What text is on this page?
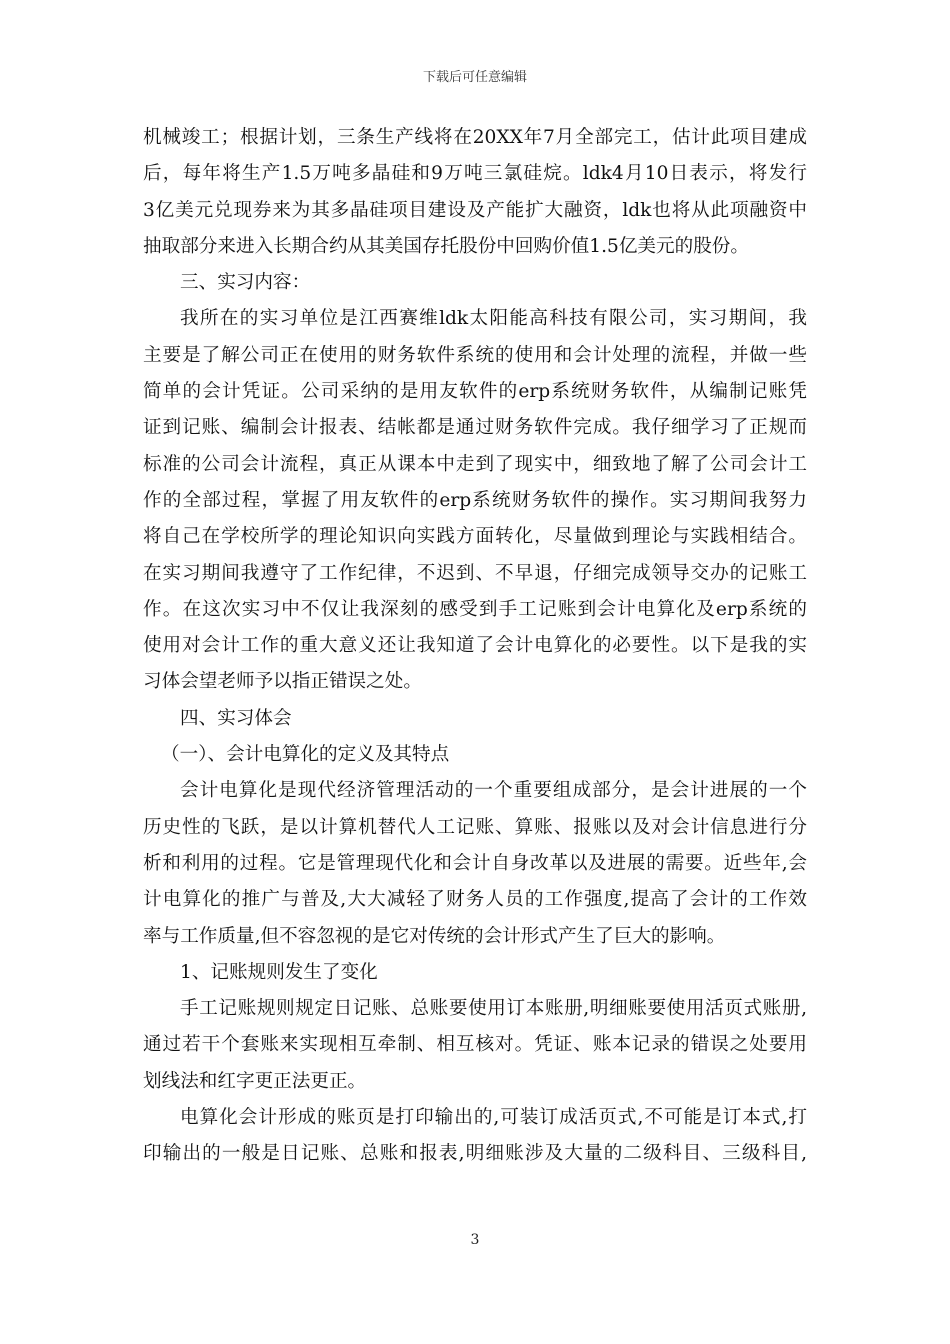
下载后可任意编辑
机械竣工；根据计划，三条生产线将在20XX年7月全部完工，估计此项目建成
后，每年将生产1.5万吨多晶硅和9万吨三氯硅烷。ldk4月10日表示，将发行
3亿美元兑现券来为其多晶硅项目建设及产能扩大融资，ldk也将从此项融资中
抽取部分来进入长期合约从其美国存托股份中回购价值1.5亿美元的股份。
三、实习内容：
我所在的实习单位是江西赛维ldk太阳能高科技有限公司，实习期间，我
主要是了解公司正在使用的财务软件系统的使用和会计处理的流程，并做一些
简单的会计凭证。公司采纳的是用友软件的erp系统财务软件，从编制记账凭
证到记账、编制会计报表、结帐都是通过财务软件完成。我仔细学习了正规而
标准的公司会计流程，真正从课本中走到了现实中，细致地了解了公司会计工
作的全部过程，掌握了用友软件的erp系统财务软件的操作。实习期间我努力
将自己在学校所学的理论知识向实践方面转化，尽量做到理论与实践相结合。
在实习期间我遵守了工作纪律，不迟到、不早退，仔细完成领导交办的记账工
作。在这次实习中不仅让我深刻的感受到手工记账到会计电算化及erp系统的
使用对会计工作的重大意义还让我知道了会计电算化的必要性。以下是我的实
习体会望老师予以指正错误之处。
四、实习体会
（一）、会计电算化的定义及其特点
会计电算化是现代经济管理活动的一个重要组成部分，是会计进展的一个
历史性的飞跃，是以计算机替代人工记账、算账、报账以及对会计信息进行分
析和利用的过程。它是管理现代化和会计自身改革以及进展的需要。近些年,会
计电算化的推广与普及,大大减轻了财务人员的工作强度,提高了会计的工作效
率与工作质量,但不容忽视的是它对传统的会计形式产生了巨大的影响。
1、记账规则发生了变化
手工记账规则规定日记账、总账要使用订本账册,明细账要使用活页式账册,
通过若干个套账来实现相互牵制、相互核对。凭证、账本记录的错误之处要用
划线法和红字更正法更正。
电算化会计形成的账页是打印输出的,可装订成活页式,不可能是订本式,打
印输出的一般是日记账、总账和报表,明细账涉及大量的二级科目、三级科目,
3
